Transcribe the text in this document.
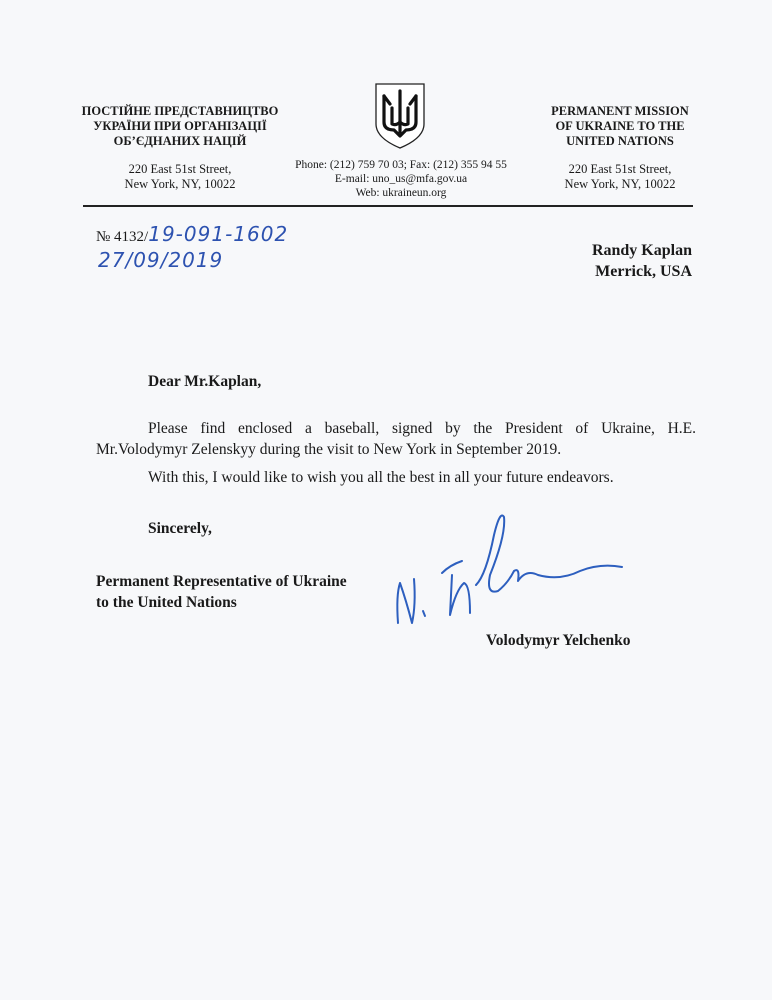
ПОСТІЙНЕ ПРЕДСТАВНИЦТВО
УКРАЇНИ ПРИ ОРГАНІЗАЦІЇ
ОБ’ЄДНАНИХ НАЦІЙ
220 East 51st Street,
New York, NY, 10022
Phone: (212) 759 70 03; Fax: (212) 355 94 55
E-mail: uno_us@mfa.gov.ua
Web: ukraineun.org
PERMANENT MISSION
OF UKRAINE TO THE
UNITED NATIONS
220 East 51st Street,
New York, NY, 10022
№ 4132/19-091-1602
27/09/2019	Randy Kaplan
Merrick, USA
Dear Mr.Kaplan,
Please find enclosed a baseball, signed by the President of Ukraine, H.E.
Mr.Volodymyr Zelenskyy during the visit to New York in September 2019.
With this, I would like to wish you all the best in all your future endeavors.
Sincerely,
Permanent Representative of Ukraine
to the United Nations
Volodymyr Yelchenko
